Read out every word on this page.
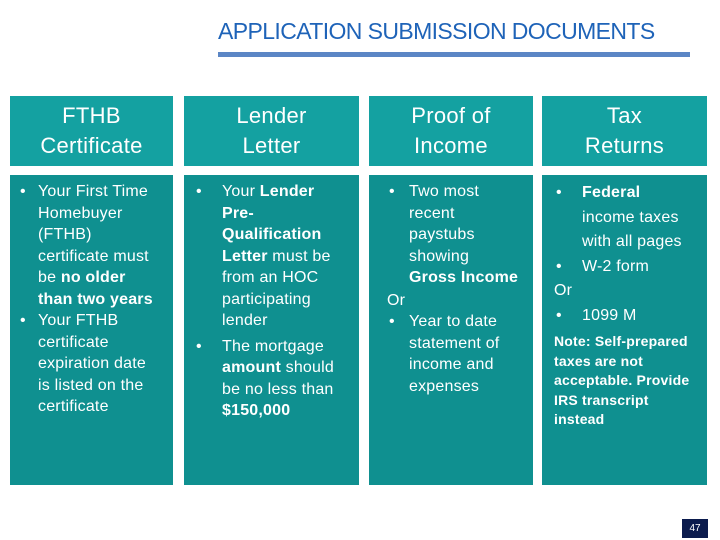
APPLICATION SUBMISSION DOCUMENTS
FTHB
Certificate
Lender
Letter
Proof of
Income
Tax
Returns
• Your First Time Homebuyer (FTHB) certificate must be no older than two years
• Your FTHB certificate expiration date is listed on the certificate
• Your Lender Pre-Qualification Letter must be from an HOC participating lender
• The mortgage amount should be no less than $150,000
• Two most recent paystubs showing Gross Income
Or
• Year to date statement of income and expenses
• Federal income taxes with all pages
• W-2 form
Or
• 1099 M
Note: Self-prepared taxes are not acceptable. Provide IRS transcript instead
47
